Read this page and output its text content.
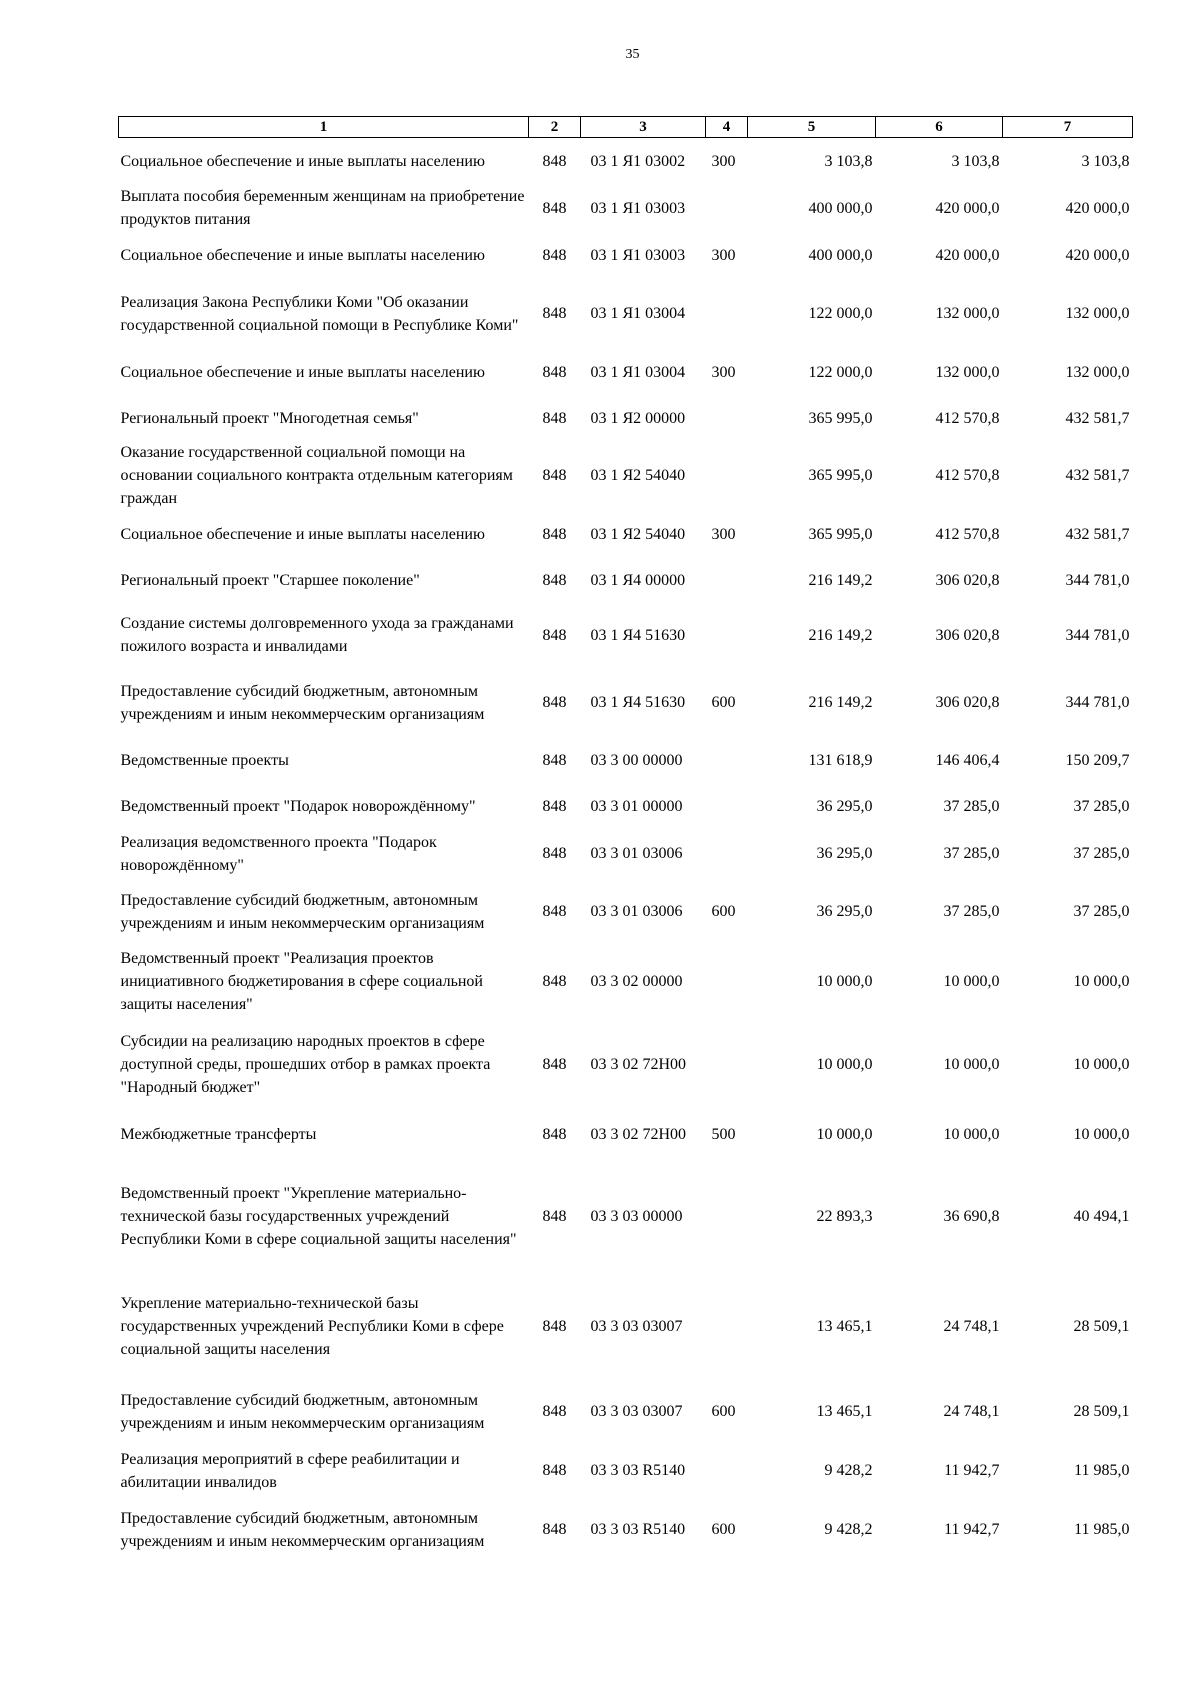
35
1	2	3	4	5	6	7
Социальное обеспечение и иные выплаты населению	848	03 1 Я1 03002	300	3 103,8	3 103,8	3 103,8
Выплата пособия беременным женщинам на приобретение продуктов питания	848	03 1 Я1 03003		400 000,0	420 000,0	420 000,0
Социальное обеспечение и иные выплаты населению	848	03 1 Я1 03003	300	400 000,0	420 000,0	420 000,0
Реализация Закона Республики Коми "Об оказании государственной социальной помощи в Республике Коми"	848	03 1 Я1 03004		122 000,0	132 000,0	132 000,0
Социальное обеспечение и иные выплаты населению	848	03 1 Я1 03004	300	122 000,0	132 000,0	132 000,0
Региональный проект "Многодетная семья"	848	03 1 Я2 00000		365 995,0	412 570,8	432 581,7
Оказание государственной социальной помощи на основании социального контракта отдельным категориям граждан	848	03 1 Я2 54040		365 995,0	412 570,8	432 581,7
Социальное обеспечение и иные выплаты населению	848	03 1 Я2 54040	300	365 995,0	412 570,8	432 581,7
Региональный проект "Старшее поколение"	848	03 1 Я4 00000		216 149,2	306 020,8	344 781,0
Создание системы долговременного ухода за гражданами пожилого возраста и инвалидами	848	03 1 Я4 51630		216 149,2	306 020,8	344 781,0
Предоставление субсидий бюджетным, автономным учреждениям и иным некоммерческим организациям	848	03 1 Я4 51630	600	216 149,2	306 020,8	344 781,0
Ведомственные проекты	848	03 3 00 00000		131 618,9	146 406,4	150 209,7
Ведомственный проект "Подарок новорождённому"	848	03 3 01 00000		36 295,0	37 285,0	37 285,0
Реализация ведомственного проекта "Подарок новорождённому"	848	03 3 01 03006		36 295,0	37 285,0	37 285,0
Предоставление субсидий бюджетным, автономным учреждениям и иным некоммерческим организациям	848	03 3 01 03006	600	36 295,0	37 285,0	37 285,0
Ведомственный проект "Реализация проектов инициативного бюджетирования в сфере социальной защиты населения"	848	03 3 02 00000		10 000,0	10 000,0	10 000,0
Субсидии на реализацию народных проектов в сфере доступной среды, прошедших отбор в рамках проекта "Народный бюджет"	848	03 3 02 72Н00		10 000,0	10 000,0	10 000,0
Межбюджетные трансферты	848	03 3 02 72Н00	500	10 000,0	10 000,0	10 000,0
Ведомственный проект "Укрепление материально-технической базы государственных учреждений Республики Коми в сфере социальной защиты населения"	848	03 3 03 00000		22 893,3	36 690,8	40 494,1
Укрепление материально-технической базы государственных учреждений Республики Коми в сфере социальной защиты населения	848	03 3 03 03007		13 465,1	24 748,1	28 509,1
Предоставление субсидий бюджетным, автономным учреждениям и иным некоммерческим организациям	848	03 3 03 03007	600	13 465,1	24 748,1	28 509,1
Реализация мероприятий в сфере реабилитации и абилитации инвалидов	848	03 3 03 R5140		9 428,2	11 942,7	11 985,0
Предоставление субсидий бюджетным, автономным учреждениям и иным некоммерческим организациям	848	03 3 03 R5140	600	9 428,2	11 942,7	11 985,0
